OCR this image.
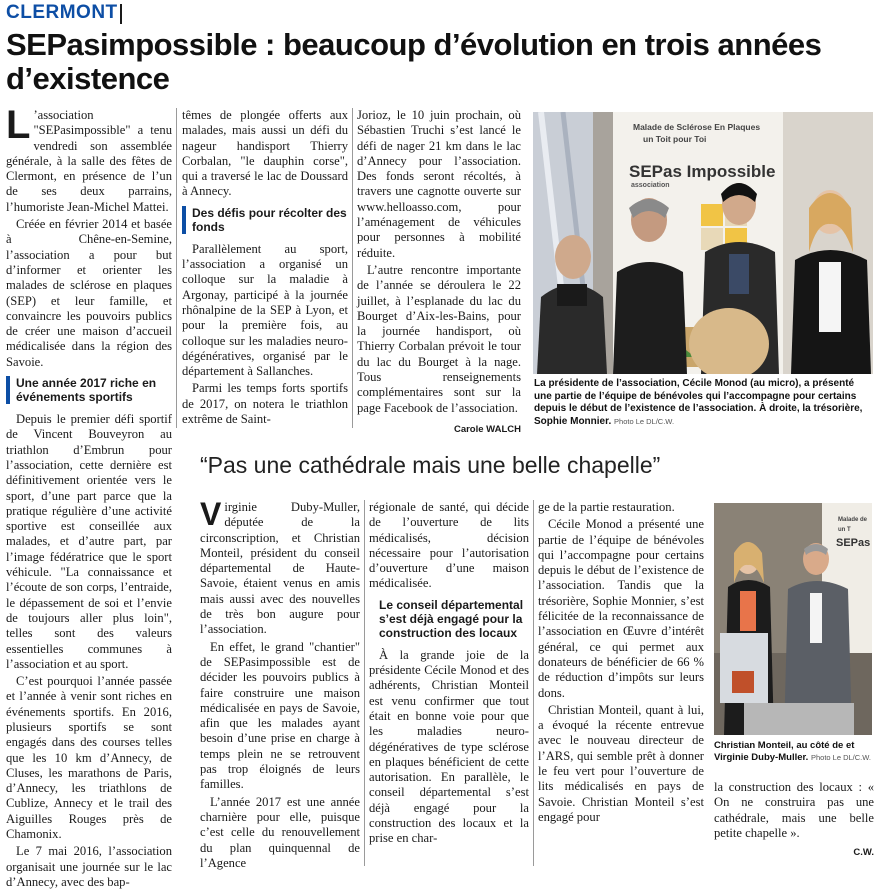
CLERMONT
SEPasimpossible : beaucoup d’évolution en trois années d’existence

L ’association "SEPasimpossible" a tenu vendredi son assemblée générale, à la salle des fêtes de Clermont, en présence de l’un de ses deux parrains, l’humoriste Jean-Michel Mattei.

Créée en février 2014 et basée à Chêne-en-Semine, l’association a pour but d’informer et orienter les malades de sclérose en plaques (SEP) et leur famille, et convaincre les pouvoirs publics de créer une maison d’accueil médicalisée dans la région des Savoie.

Une année 2017 riche en événements sportifs

Depuis le premier défi sportif de Vincent Bouveyron au triathlon d’Embrun pour l’association, cette dernière est définitivement orientée vers le sport, d’une part parce que la pratique régulière d’une activité sportive est conseillée aux malades, et d’autre part, par l’image fédératrice que le sport véhicule. "La connaissance et l’écoute de son corps, l’entraide, le dépassement de soi et l’envie de toujours aller plus loin", telles sont des valeurs essentielles communes à l’association et au sport.

C’est pourquoi l’année passée et l’année à venir sont riches en événements sportifs. En 2016, plusieurs sportifs se sont engagés dans des courses telles que les 10 km d’Annecy, de Cluses, les marathons de Paris, d’Annecy, les triathlons de Cublize, Annecy et le trail des Aiguilles Rouges près de Chamonix.

Le 7 mai 2016, l’association organisait une journée sur le lac d’Annecy, avec des bap-

têmes de plongée offerts aux malades, mais aussi un défi du nageur handisport Thierry Corbalan, "le dauphin corse", qui a traversé le lac de Doussard à Annecy.

Des défis pour récolter des fonds

Parallèlement au sport, l’association a organisé un colloque sur la maladie à Argonay, participé à la journée rhônalpine de la SEP à Lyon, et pour la première fois, au colloque sur les maladies neuro-dégénératives, organisé par le département à Sallanches.

Parmi les temps forts sportifs de 2017, on notera le triathlon extrême de Saint-

Jorioz, le 10 juin prochain, où Sébastien Truchi s’est lancé le défi de nager 21 km dans le lac d’Annecy pour l’association. Des fonds seront récoltés, à travers une cagnotte ouverte sur www.helloasso.com, pour l’aménagement de véhicules pour personnes à mobilité réduite.

L’autre rencontre importante de l’année se déroulera le 22 juillet, à l’esplanade du lac du Bourget d’Aix-les-Bains, pour la journée handisport, où Thierry Corbalan prévoit le tour du lac du Bourget à la nage. Tous renseignements complémentaires sont sur la page Facebook de l’association.

Carole WALCH
Malade de Sclérose En Plaques
un Toit pour Toi
SEPas Impossible
association
La présidente de l’association, Cécile Monod (au micro), a présenté une partie de l’équipe de bénévoles qui l’accompagne pour certains depuis le début de l’existence de l’association. À droite, la trésorière, Sophie Monnier. Photo Le DL/C.W.
“Pas une cathédrale mais une belle chapelle”

Virginie Duby-Muller, députée de la circonscription, et Christian Monteil, président du conseil départemental de Haute-Savoie, étaient venus en amis mais aussi avec des nouvelles de très bon augure pour l’association.

En effet, le grand "chantier" de SEPasimpossible est de décider les pouvoirs publics à faire construire une maison médicalisée en pays de Savoie, afin que les malades ayant besoin d’une prise en charge à temps plein ne se retrouvent pas trop éloignés de leurs familles.

L’année 2017 est une année charnière pour elle, puisque c’est celle du renouvellement du plan quinquennal de l’Agence

régionale de santé, qui décide de l’ouverture de lits médicalisés, décision nécessaire pour l’autorisation d’ouverture d’une maison médicalisée.

Le conseil départemental s’est déjà engagé pour la construction des locaux

À la grande joie de la présidente Cécile Monod et des adhérents, Christian Monteil est venu confirmer que tout était en bonne voie pour que les maladies neuro-dégénératives de type sclérose en plaques bénéficient de cette autorisation. En parallèle, le conseil départemental s’est déjà engagé pour la construction des locaux et la prise en char-

ge de la partie restauration.

Cécile Monod a présenté une partie de l’équipe de bénévoles qui l’accompagne pour certains depuis le début de l’existence de l’association. Tandis que la trésorière, Sophie Monnier, s’est félicitée de la reconnaissance de l’association en Œuvre d’intérêt général, ce qui permet aux donateurs de bénéficier de 66 % de réduction d’impôts sur leurs dons.

Christian Monteil, quant à lui, a évoqué la récente entrevue avec le nouveau directeur de l’ARS, qui semble prêt à donner le feu vert pour l’ouverture de lits médicalisés en pays de Savoie. Christian Monteil s’est engagé pour

Malade de
un T
SEPas
Christian Monteil, au côté de et Virginie Duby-Muller. Photo Le DL/C.W.

la construction des locaux : « On ne construira pas une cathédrale, mais une belle petite chapelle ».

C.W.
